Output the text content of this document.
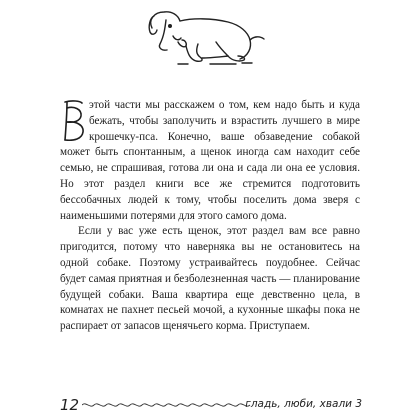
этой части мы расскажем о том, кем надо быть и куда бежать, чтобы заполучить и взрастить лучшего в мире крошечку-пса. Конечно, ваше обзаведение собакой может быть спонтанным, а щенок иногда сам находит себе семью, не спрашивая, готова ли она и сада ли она ее условия. Но этот раздел книги все же стремится подготовить бессобачных людей к тому, чтобы поселить дома зверя с наименьшими потерями для этого самого дома.

Если у вас уже есть щенок, этот раздел вам все равно пригодится, потому что наверняка вы не остановитесь на одной собаке. Поэтому устраивайтесь поудобнее. Сейчас будет самая приятная и безболезненная часть — планирование будущей собаки. Ваша квартира еще девственно цела, в комнатах не пахнет песьей мочой, а кухонные шкафы пока не распирает от запасов щенячьего корма. Приступаем.

12	гладь, люби, хвали 3
